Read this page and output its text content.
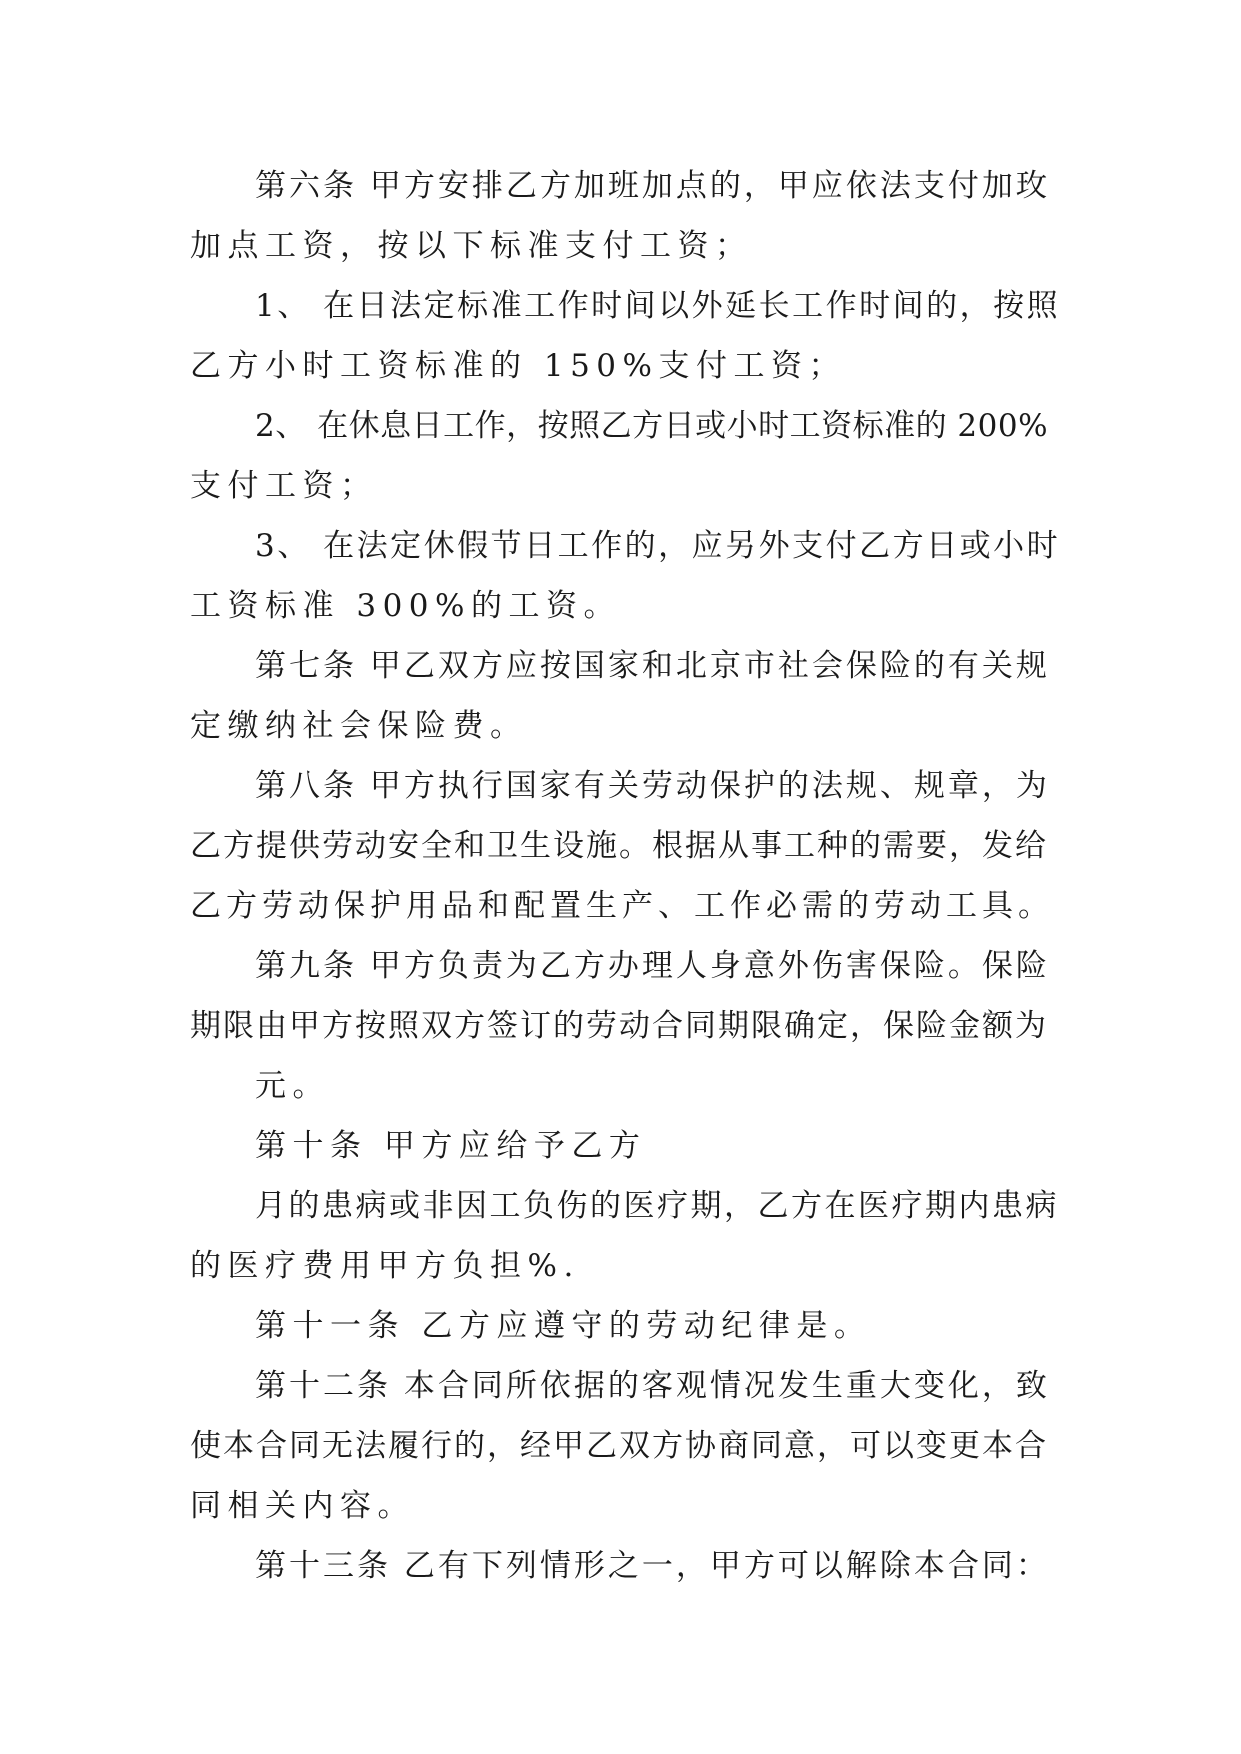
第六条 甲方安排乙方加班加点的，甲应依法支付加玫
加点工资，按以下标准支付工资；
1、 在日法定标准工作时间以外延长工作时间的，按照
乙方小时工资标准的 150%支付工资；
2、 在休息日工作，按照乙方日或小时工资标准的 200%
支付工资；
3、 在法定休假节日工作的，应另外支付乙方日或小时
工资标准 300%的工资。
第七条 甲乙双方应按国家和北京市社会保险的有关规
定缴纳社会保险费。
第八条 甲方执行国家有关劳动保护的法规、规章，为
乙方提供劳动安全和卫生设施。根据从事工种的需要，发给
乙方劳动保护用品和配置生产、工作必需的劳动工具。
第九条 甲方负责为乙方办理人身意外伤害保险。保险
期限由甲方按照双方签订的劳动合同期限确定，保险金额为
元。
第十条 甲方应给予乙方
月的患病或非因工负伤的医疗期，乙方在医疗期内患病
的医疗费用甲方负担%.
第十一条 乙方应遵守的劳动纪律是。
第十二条 本合同所依据的客观情况发生重大变化，致
使本合同无法履行的，经甲乙双方协商同意，可以变更本合
同相关内容。
第十三条 乙有下列情形之一，甲方可以解除本合同：
